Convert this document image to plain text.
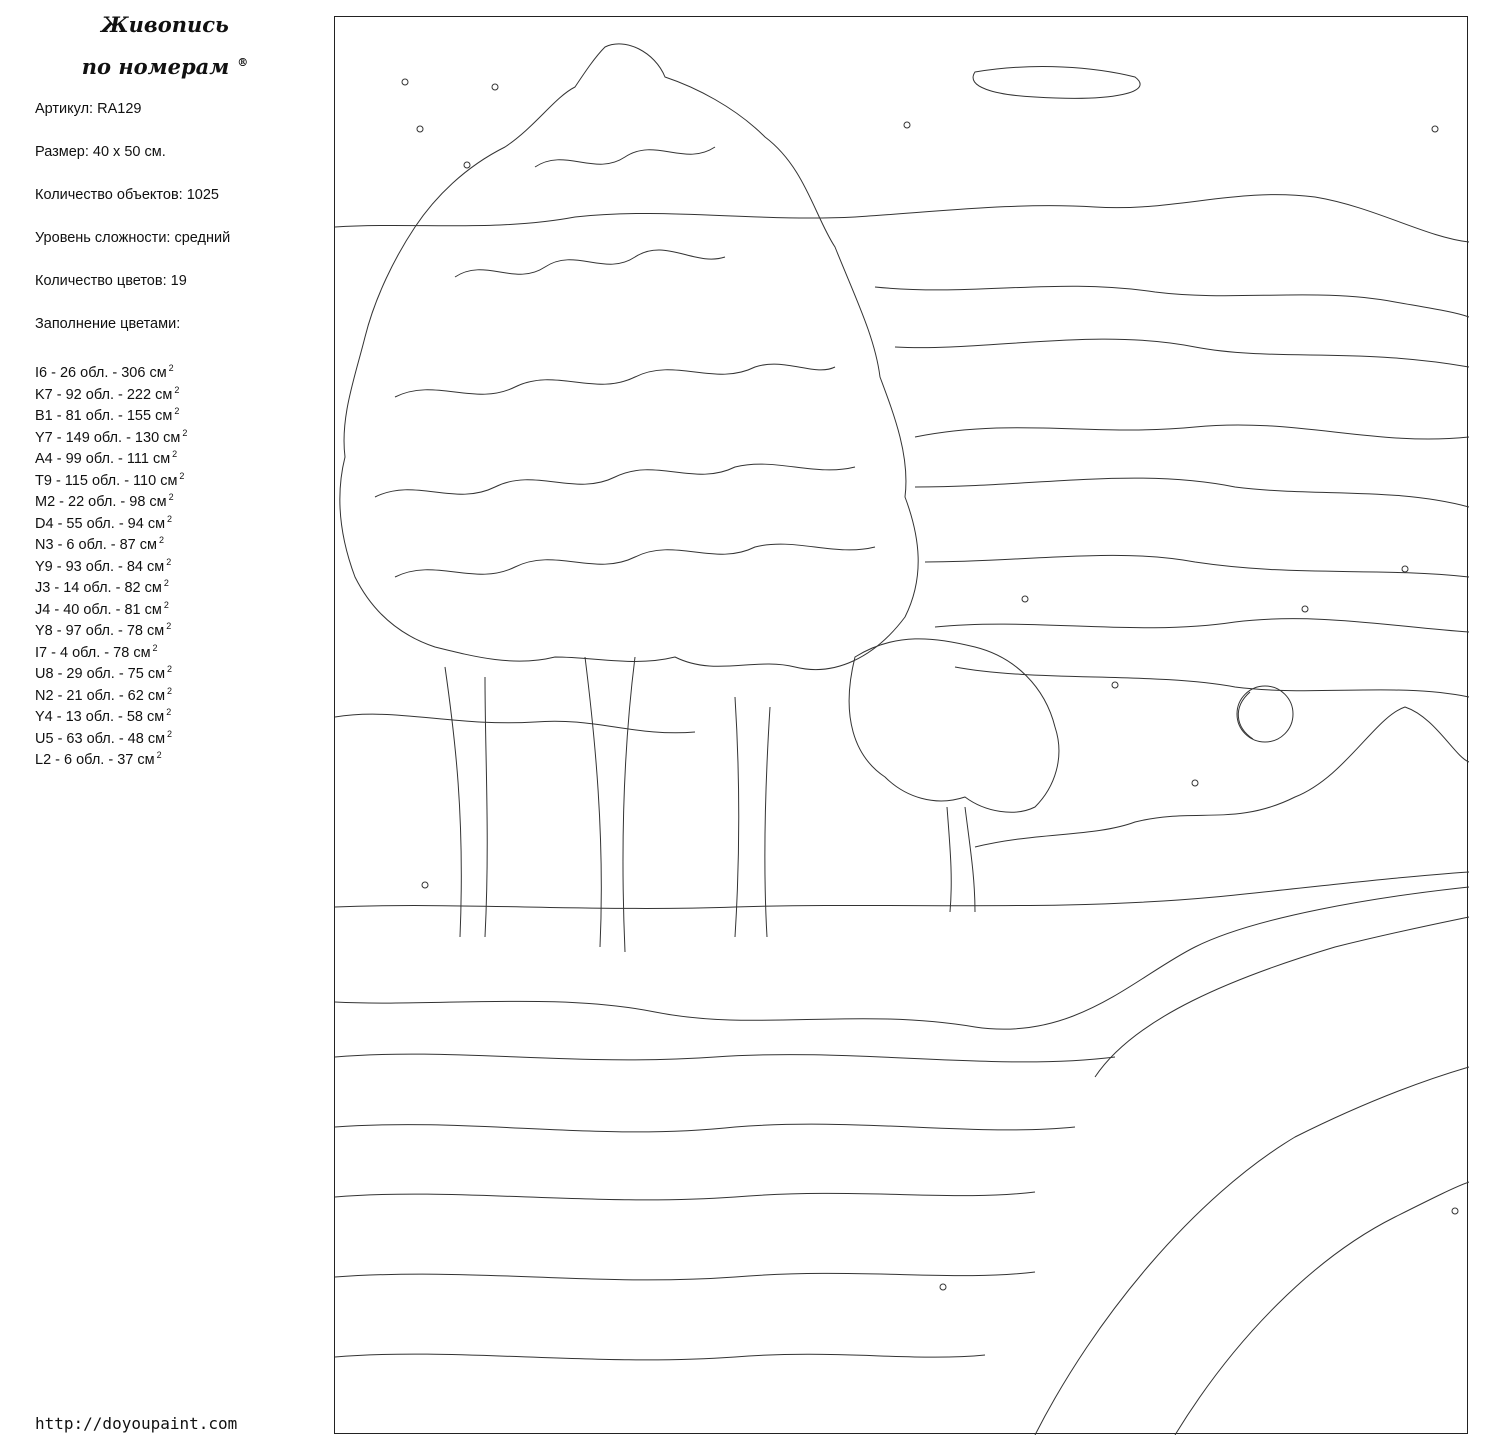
Живопись
по номерам ®
Артикул: RA129
Размер: 40 х 50 см.
Количество объектов: 1025
Уровень сложности: средний
Количество цветов: 19
Заполнение цветами:
I6 - 26 обл. - 306 см $^2$
K7 - 92 обл. - 222 см $^2$
B1 - 81 обл. - 155 см $^2$
Y7 - 149 обл. - 130 см $^2$
A4 - 99 обл. - 111 см $^2$
T9 - 115 обл. - 110 см $^2$
M2 - 22 обл. - 98 см $^2$
D4 - 55 обл. - 94 см $^2$
N3 - 6 обл. - 87 см $^2$
Y9 - 93 обл. - 84 см $^2$
J3 - 14 обл. - 82 см $^2$
J4 - 40 обл. - 81 см $^2$
Y8 - 97 обл. - 78 см $^2$
I7 - 4 обл. - 78 см $^2$
U8 - 29 обл. - 75 см $^2$
N2 - 21 обл. - 62 см $^2$
Y4 - 13 обл. - 58 см $^2$
U5 - 63 обл. - 48 см $^2$
L2 - 6 обл. - 37 см $^2$
http://doyoupaint.com
